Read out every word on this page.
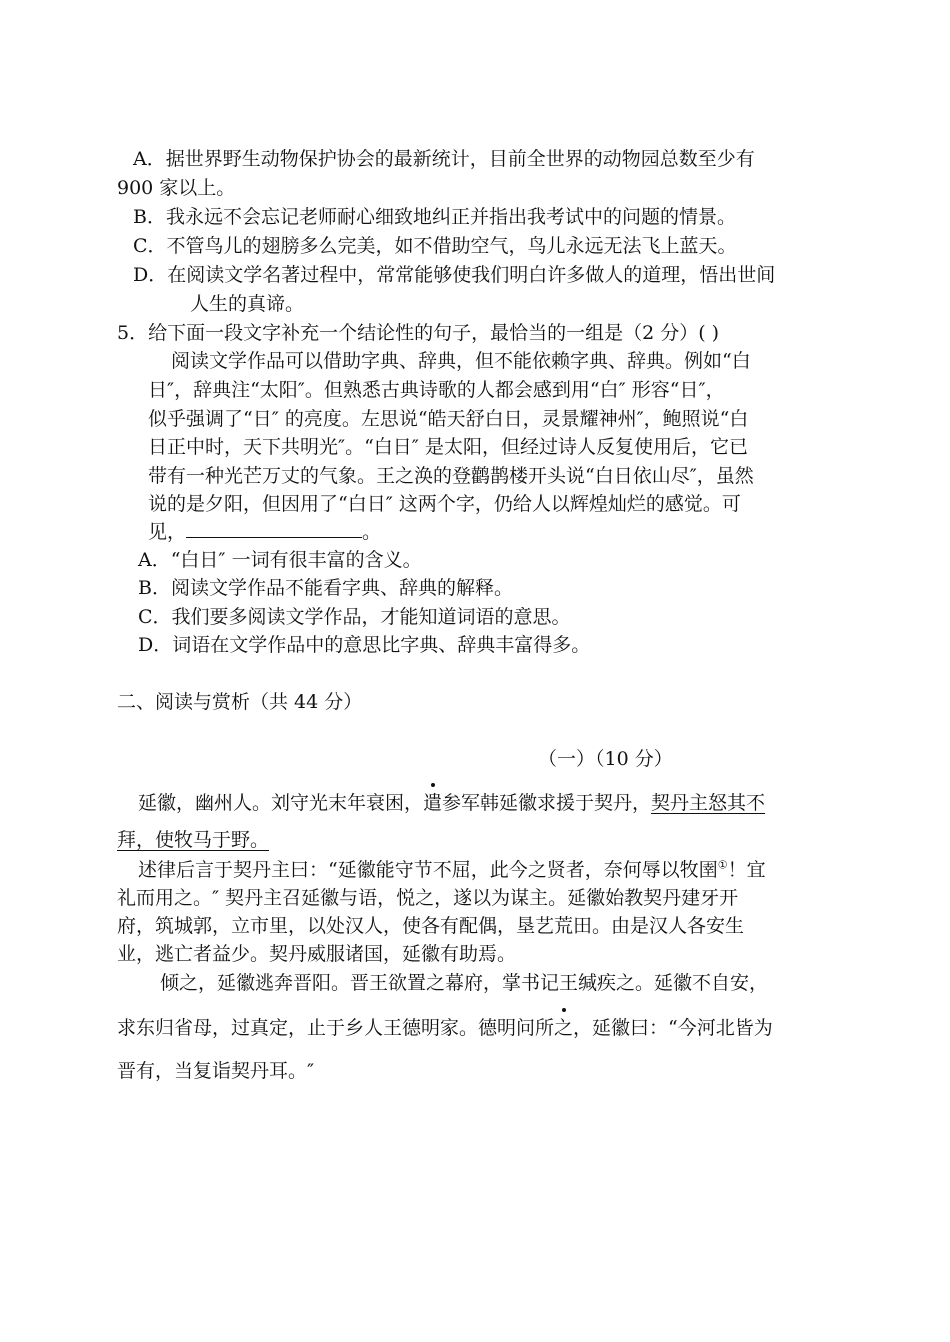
A．据世界野生动物保护协会的最新统计，目前全世界的动物园总数至少有
900 家以上。
B．我永远不会忘记老师耐心细致地纠正并指出我考试中的问题的情景。
C．不管鸟儿的翅膀多么完美，如不借助空气，鸟儿永远无法飞上蓝天。
D．在阅读文学名著过程中，常常能够使我们明白许多做人的道理，悟出世间
人生的真谛。
5．给下面一段文字补充一个结论性的句子，最恰当的一组是（2 分）( )
阅读文学作品可以借助字典、辞典，但不能依赖字典、辞典。例如“白
日″，辞典注“太阳″。但熟悉古典诗歌的人都会感到用“白″ 形容“日″，
似乎强调了“日″ 的亮度。左思说“皓天舒白日，灵景耀神州″，鲍照说“白
日正中时，天下共明光″。“白日″ 是太阳，但经过诗人反复使用后，它已
带有一种光芒万丈的气象。王之涣的登鹳鹊楼开头说“白日依山尽″，虽然
说的是夕阳，但因用了“白日″ 这两个字，仍给人以辉煌灿烂的感觉。可
见，	。
A．“白日″ 一词有很丰富的含义。
B．阅读文学作品不能看字典、辞典的解释。
C．我们要多阅读文学作品，才能知道词语的意思。
D．词语在文学作品中的意思比字典、辞典丰富得多。
二、阅读与赏析（共 44 分）
（一）（10 分）
延徽，幽州人。刘守光末年衰困，遣参军韩延徽求援于契丹，契丹主怒其不
拜，使牧马于野。
述律后言于契丹主曰：“延徽能守节不屈，此今之贤者，奈何辱以牧圉①！宜
礼而用之。″ 契丹主召延徽与语，悦之，遂以为谋主。延徽始教契丹建牙开
府，筑城郭，立市里，以处汉人，使各有配偶，垦艺荒田。由是汉人各安生
业，逃亡者益少。契丹威服诸国，延徽有助焉。
倾之，延徽逃奔晋阳。晋王欲置之幕府，掌书记王缄疾之。延徽不自安，
求东归省母，过真定，止于乡人王德明家。德明问所之，延徽曰：“今河北皆为
晋有，当复诣契丹耳。″
